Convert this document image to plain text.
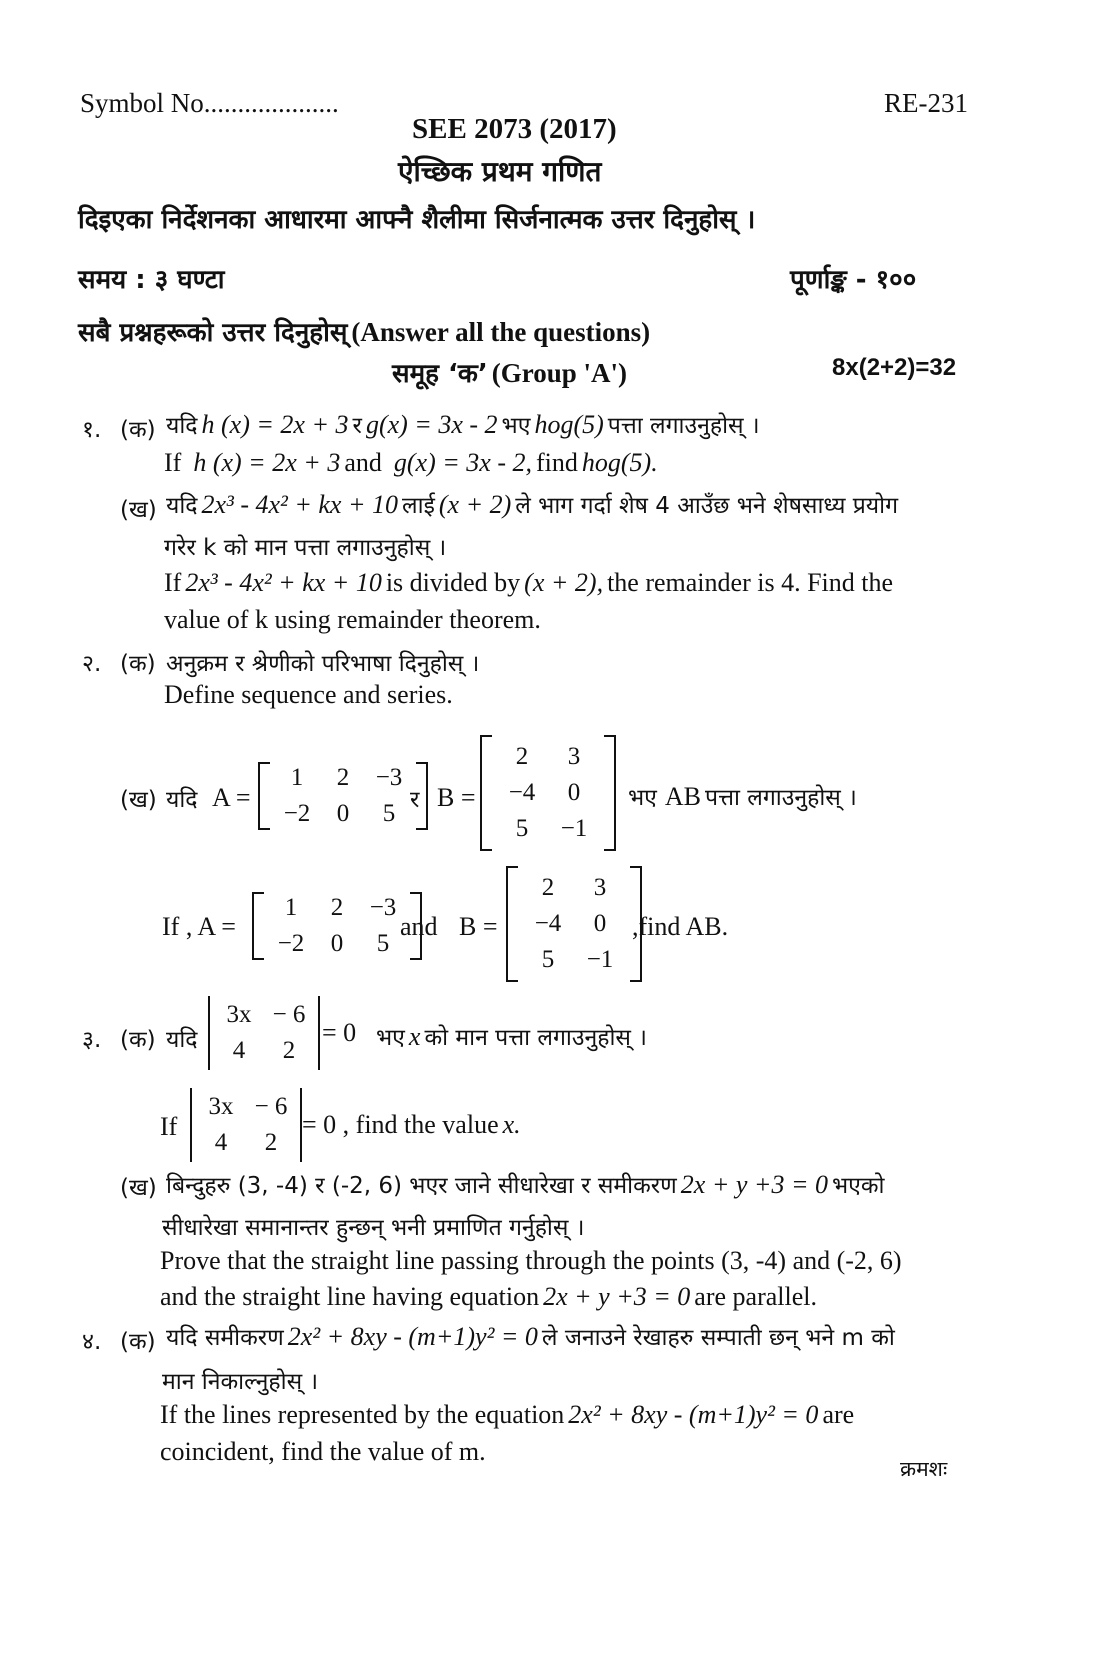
Symbol No....................	RE-231
SEE 2073 (2017)
ऐच्छिक प्रथम गणित
दिइएका निर्देशनका आधारमा आफ्नै शैलीमा सिर्जनात्मक उत्तर दिनुहोस् ।
समय : ३ घण्टा	पूर्णाङ्क - १००
सबै प्रश्नहरूको उत्तर दिनुहोस् (Answer all the questions)
समूह ‘क’ (Group 'A')	8x(2+2)=32
१. (क) यदि h (x) = 2x + 3 र g(x) = 3x - 2 भए hog(5) पत्ता लगाउनुहोस् ।
If h (x) = 2x + 3 and g(x) = 3x - 2, find hog(5).
(ख) यदि 2x³ - 4x² + kx + 10 लाई (x + 2) ले भाग गर्दा शेष 4 आउँछ भने शेषसाध्य प्रयोग
गरेर k को मान पत्ता लगाउनुहोस् ।
If 2x³ - 4x² + kx + 10 is divided by (x + 2), the remainder is 4. Find the
value of k using remainder theorem.
२. (क) अनुक्रम र श्रेणीको परिभाषा दिनुहोस् ।
Define sequence and series.
(ख) यदि A =
1	2	−3
−2	0	5 र B =
2	3
−4	0
5	−1
भए AB पत्ता लगाउनुहोस् ।
If , A =
1	2	−3
−2	0	5
and B =
2	3
−4	0
5	−1
,find AB.
३. (क) यदि
3x − 6
4	2
= 0 भए x को मान पत्ता लगाउनुहोस् ।
If
3x − 6
4	2
= 0 , find the value x.
(ख) बिन्दुहरु (3, -4) र (-2, 6) भएर जाने सीधारेखा र समीकरण 2x + y +3 = 0 भएको
सीधारेखा समानान्तर हुन्छन् भनी प्रमाणित गर्नुहोस् ।
Prove that the straight line passing through the points (3, -4) and (-2, 6)
and the straight line having equation 2x + y +3 = 0 are parallel.
४. (क) यदि समीकरण 2x² + 8xy - (m+1)y² = 0 ले जनाउने रेखाहरु सम्पाती छन् भने m को
मान निकाल्नुहोस् ।
If the lines represented by the equation 2x² + 8xy - (m+1)y² = 0 are
coincident, find the value of m.
क्रमशः
